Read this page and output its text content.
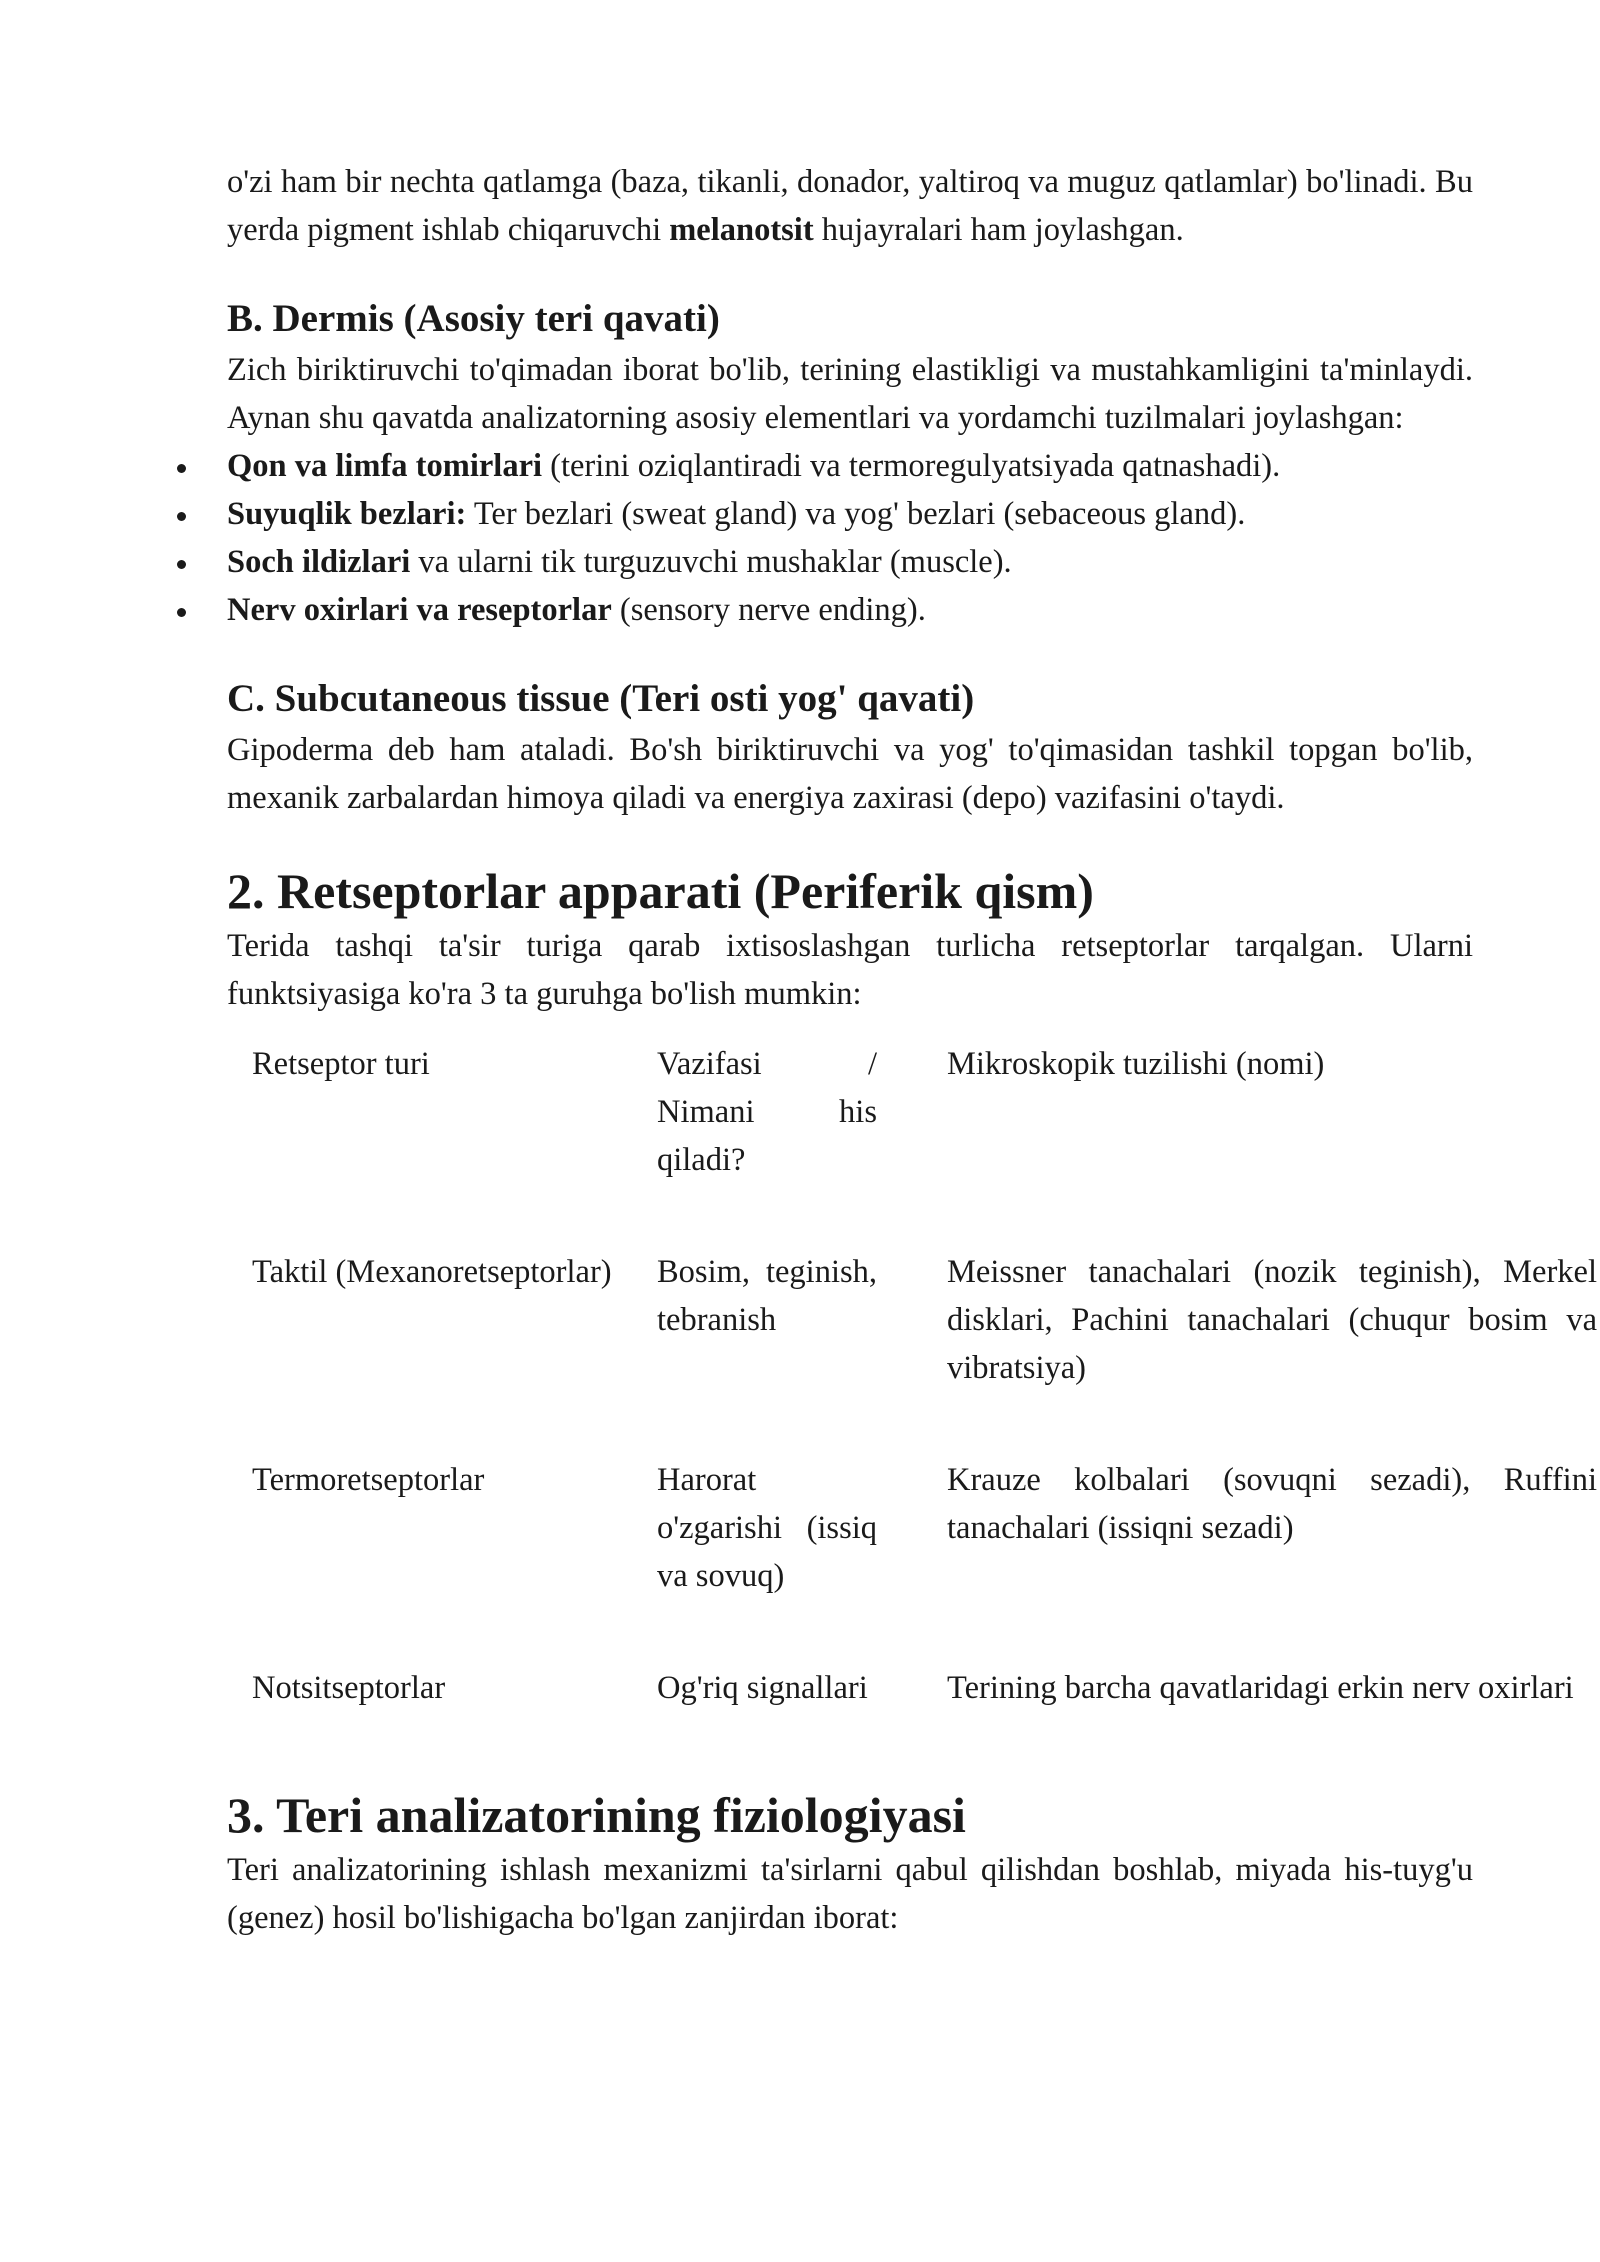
o'zi ham bir nechta qatlamga (baza, tikanli, donador, yaltiroq va muguz qatlamlar) bo'linadi. Bu yerda pigment ishlab chiqaruvchi melanotsit hujayralari ham joylashgan.

B. Dermis (Asosiy teri qavati)

Zich biriktiruvchi to'qimadan iborat bo'lib, terining elastikligi va mustahkamligini ta'minlaydi. Aynan shu qavatda analizatorning asosiy elementlari va yordamchi tuzilmalari joylashgan:

Qon va limfa tomirlari (terini oziqlantiradi va termoregulyatsiyada qatnashadi).
Suyuqlik bezlari: Ter bezlari (sweat gland) va yog' bezlari (sebaceous gland).
Soch ildizlari va ularni tik turguzuvchi mushaklar (muscle).
Nerv oxirlari va reseptorlar (sensory nerve ending).
C. Subcutaneous tissue (Teri osti yog' qavati)

Gipoderma deb ham ataladi. Bo'sh biriktiruvchi va yog' to'qimasidan tashkil topgan bo'lib, mexanik zarbalardan himoya qiladi va energiya zaxirasi (depo) vazifasini o'taydi.

2. Retseptorlar apparati (Periferik qism)

Terida tashqi ta'sir turiga qarab ixtisoslashgan turlicha retseptorlar tarqalgan. Ularni funktsiyasiga ko'ra 3 ta guruhga bo'lish mumkin:

Retseptor turi	Vazifasi / Nimani his qiladi?		Mikroskopik tuzilishi (nomi)

Taktil (Mexanoretseptorlar)	Bosim, teginish, tebranish		Meissner tanachalari (nozik teginish), Merkel disklari, Pachini tanachalari (chuqur bosim va vibratsiya)

Termoretseptorlar	Harorat o'zgarishi (issiq va sovuq)		Krauze kolbalari (sovuqni sezadi), Ruffini tanachalari (issiqni sezadi)

Notsitseptorlar	Og'riq signallari		Terining barcha qavatlaridagi erkin nerv oxirlari
3. Teri analizatorining fiziologiyasi

Teri analizatorining ishlash mexanizmi ta'sirlarni qabul qilishdan boshlab, miyada his-tuyg'u (genez) hosil bo'lishigacha bo'lgan zanjirdan iborat:
